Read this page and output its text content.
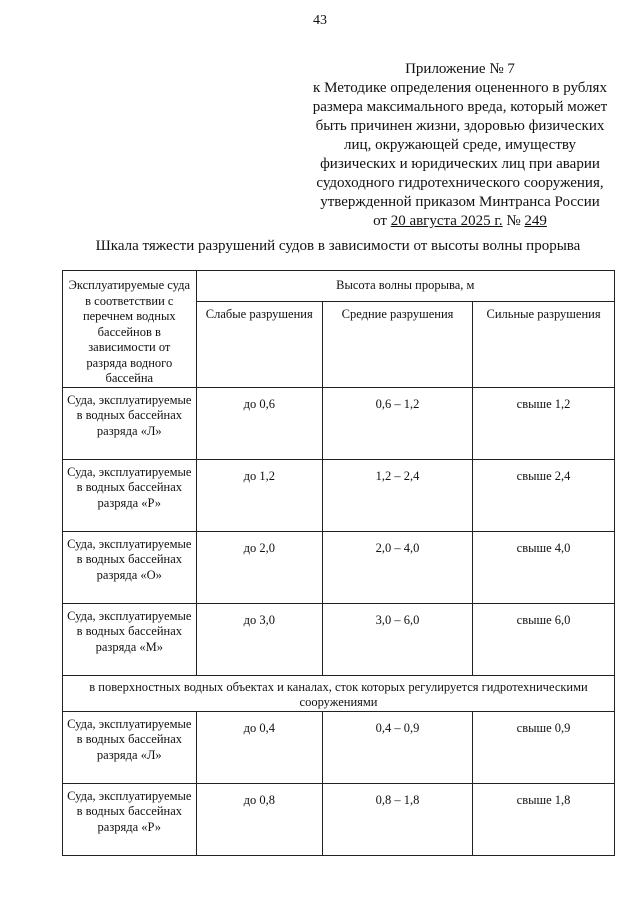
43
Приложение № 7
к Методике определения оцененного в рублях
размера максимального вреда, который может
быть причинен жизни, здоровью физических
лиц, окружающей среде, имуществу
физических и юридических лиц при аварии
судоходного гидротехнического сооружения,
утвержденной приказом Минтранса России
от 20 августа 2025 г. № 249
Шкала тяжести разрушений судов в зависимости от высоты волны прорыва
Эксплуатируемые суда в соответствии с перечнем водных бассейнов в зависимости от разряда водного бассейна	Высота волны прорыва, м		
	Слабые разрушения	Средние разрушения	Сильные разрушения
Суда, эксплуатируемые в водных бассейнах разряда «Л»	до 0,6	0,6 – 1,2	свыше 1,2
Суда, эксплуатируемые в водных бассейнах разряда «Р»	до 1,2	1,2 – 2,4	свыше 2,4
Суда, эксплуатируемые в водных бассейнах разряда «О»	до 2,0	2,0 – 4,0	свыше 4,0
Суда, эксплуатируемые в водных бассейнах разряда «М»	до 3,0	3,0 – 6,0	свыше 6,0
в поверхностных водных объектах и каналах, сток которых регулируется гидротехническими сооружениями			
Суда, эксплуатируемые в водных бассейнах разряда «Л»	до 0,4	0,4 – 0,9	свыше 0,9
Суда, эксплуатируемые в водных бассейнах разряда «Р»	до 0,8	0,8 – 1,8	свыше 1,8
